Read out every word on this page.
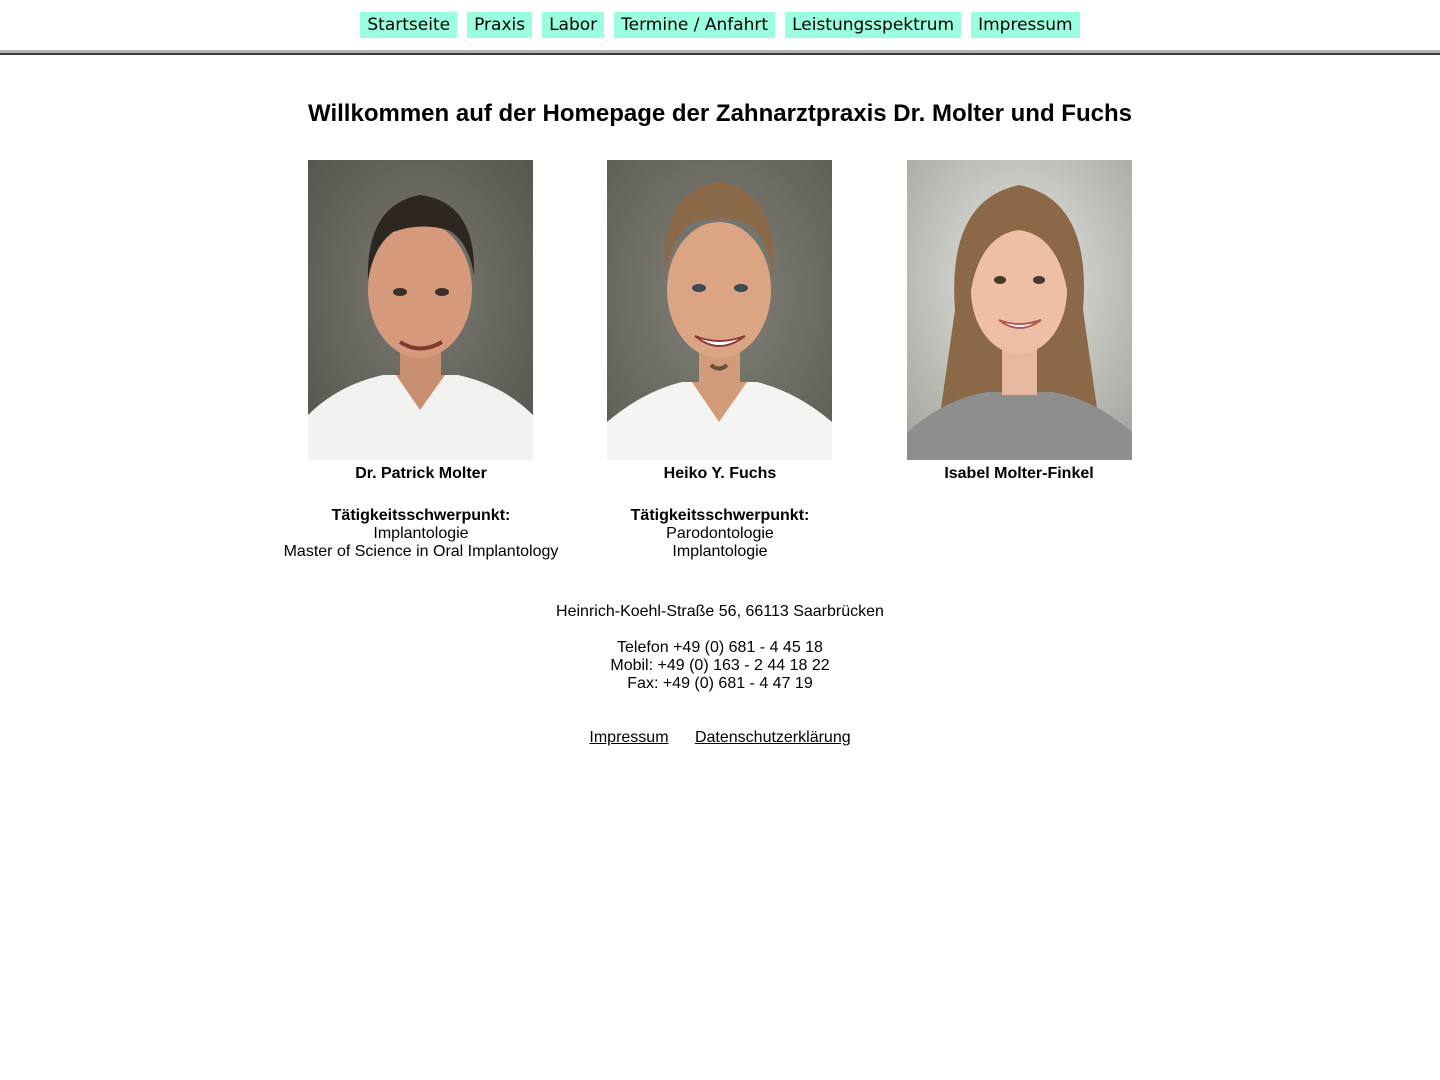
Startseite	Praxis	Labor	Termine / Anfahrt	Leistungsspektrum	Impressum
Willkommen auf der Homepage der Zahnarztpraxis Dr. Molter und Fuchs
Dr. Patrick Molter
Tätigkeitsschwerpunkt:
Implantologie
Master of Science in Oral Implantology
Heiko Y. Fuchs
Tätigkeitsschwerpunkt:
Parodontologie
Implantologie
Isabel Molter-Finkel
Heinrich-Koehl-Straße 56, 66113 Saarbrücken
Telefon +49 (0) 681 - 4 45 18
Mobil: +49 (0) 163 - 2 44 18 22
Fax: +49 (0) 681 - 4 47 19
Impressum Datenschutzerklärung
